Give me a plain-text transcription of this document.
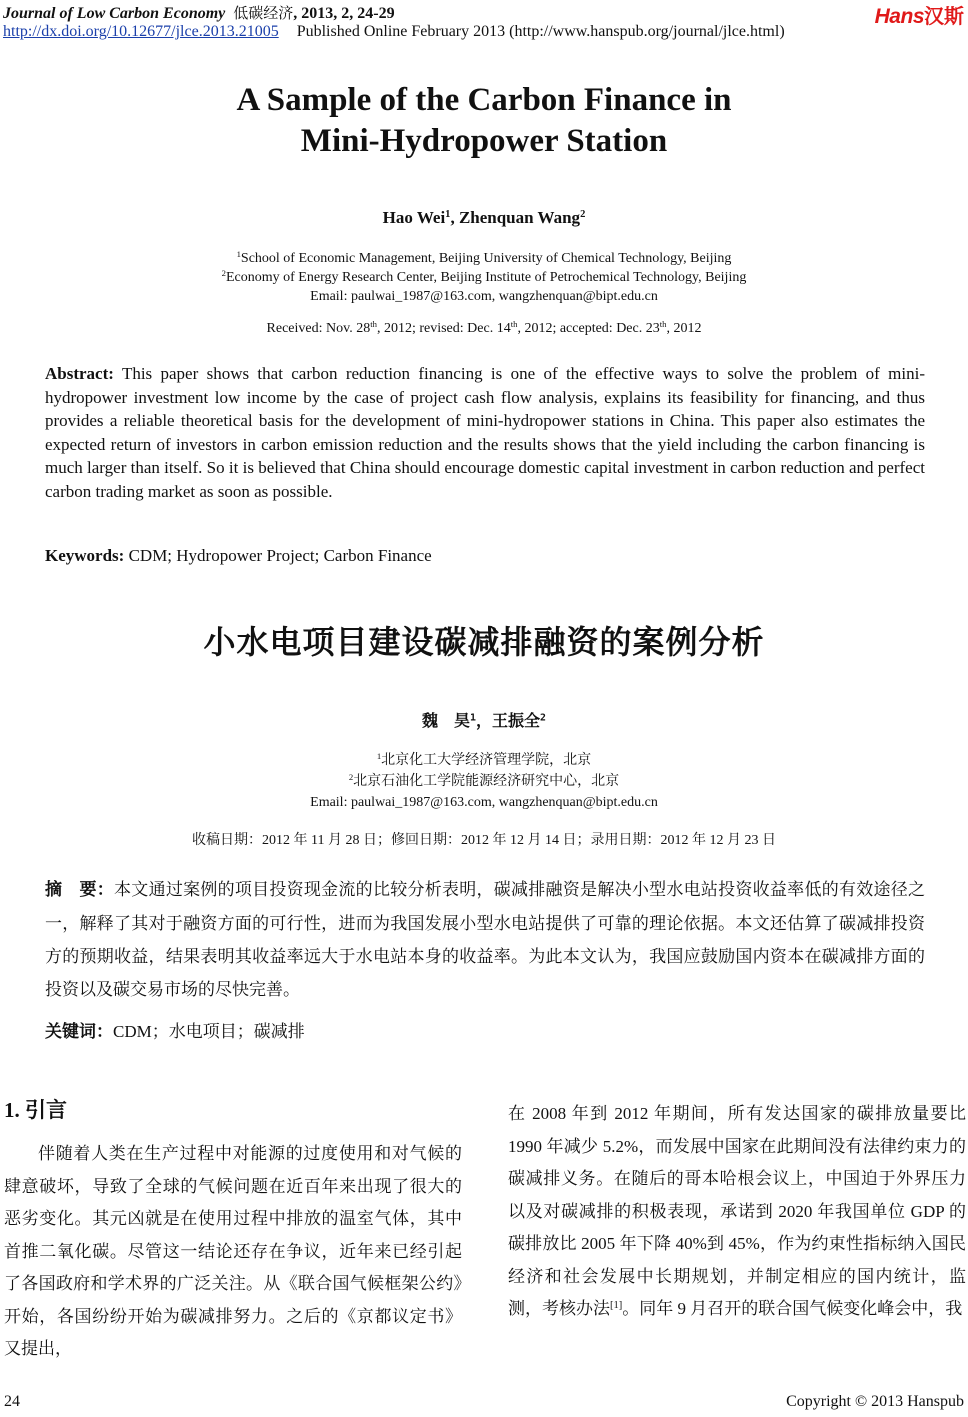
Journal of Low Carbon Economy 低碳经济, 2013, 2, 24-29
http://dx.doi.org/10.12677/jlce.2013.21005 Published Online February 2013 (http://www.hanspub.org/journal/jlce.html)
Hans汉斯
A Sample of the Carbon Finance in
Mini-Hydropower Station
Hao Wei$^1$, Zhenquan Wang$^2$
$^1$School of Economic Management, Beijing University of Chemical Technology, Beijing
$^2$Economy of Energy Research Center, Beijing Institute of Petrochemical Technology, Beijing
Email: paulwai_1987@163.com, wangzhenquan@bipt.edu.cn
Received: Nov. 28th, 2012; revised: Dec. 14th, 2012; accepted: Dec. 23th, 2012
Abstract: This paper shows that carbon reduction financing is one of the effective ways to solve the problem of mini-hydropower investment low income by the case of project cash flow analysis, explains its feasibility for financing, and thus provides a reliable theoretical basis for the development of mini-hydropower stations in China. This paper also estimates the expected return of investors in carbon emission reduction and the results shows that the yield including the carbon financing is much larger than itself. So it is believed that China should encourage domestic capital investment in carbon reduction and perfect carbon trading market as soon as possible.
Keywords: CDM; Hydropower Project; Carbon Finance
小水电项目建设碳减排融资的案例分析
魏　昊$^1$，王振全$^2$
$^1$北京化工大学经济管理学院，北京
$^2$北京石油化工学院能源经济研究中心，北京
Email: paulwai_1987@163.com, wangzhenquan@bipt.edu.cn
收稿日期：2012 年 11 月 28 日；修回日期：2012 年 12 月 14 日；录用日期：2012 年 12 月 23 日
摘　要：本文通过案例的项目投资现金流的比较分析表明，碳减排融资是解决小型水电站投资收益率低的有效途径之一，解释了其对于融资方面的可行性，进而为我国发展小型水电站提供了可靠的理论依据。本文还估算了碳减排投资方的预期收益，结果表明其收益率远大于水电站本身的收益率。为此本文认为，我国应鼓励国内资本在碳减排方面的投资以及碳交易市场的尽快完善。
关键词：CDM；水电项目；碳减排
1. 引言
伴随着人类在生产过程中对能源的过度使用和对气候的肆意破坏，导致了全球的气候问题在近百年来出现了很大的恶劣变化。其元凶就是在使用过程中排放的温室气体，其中首推二氧化碳。尽管这一结论还存在争议，近年来已经引起了各国政府和学术界的广泛关注。从《联合国气候框架公约》开始，各国纷纷开始为碳减排努力。之后的《京都议定书》又提出，
在 2008 年到 2012 年期间，所有发达国家的碳排放量要比 1990 年减少 5.2%，而发展中国家在此期间没有法律约束力的碳减排义务。在随后的哥本哈根会议上，中国迫于外界压力以及对碳减排的积极表现，承诺到 2020 年我国单位 GDP 的碳排放比 2005 年下降 40%到 45%，作为约束性指标纳入国民经济和社会发展中长期规划，并制定相应的国内统计，监测，考核办法[1]。同年 9 月召开的联合国气候变化峰会中，我
24	Copyright © 2013 Hanspub
